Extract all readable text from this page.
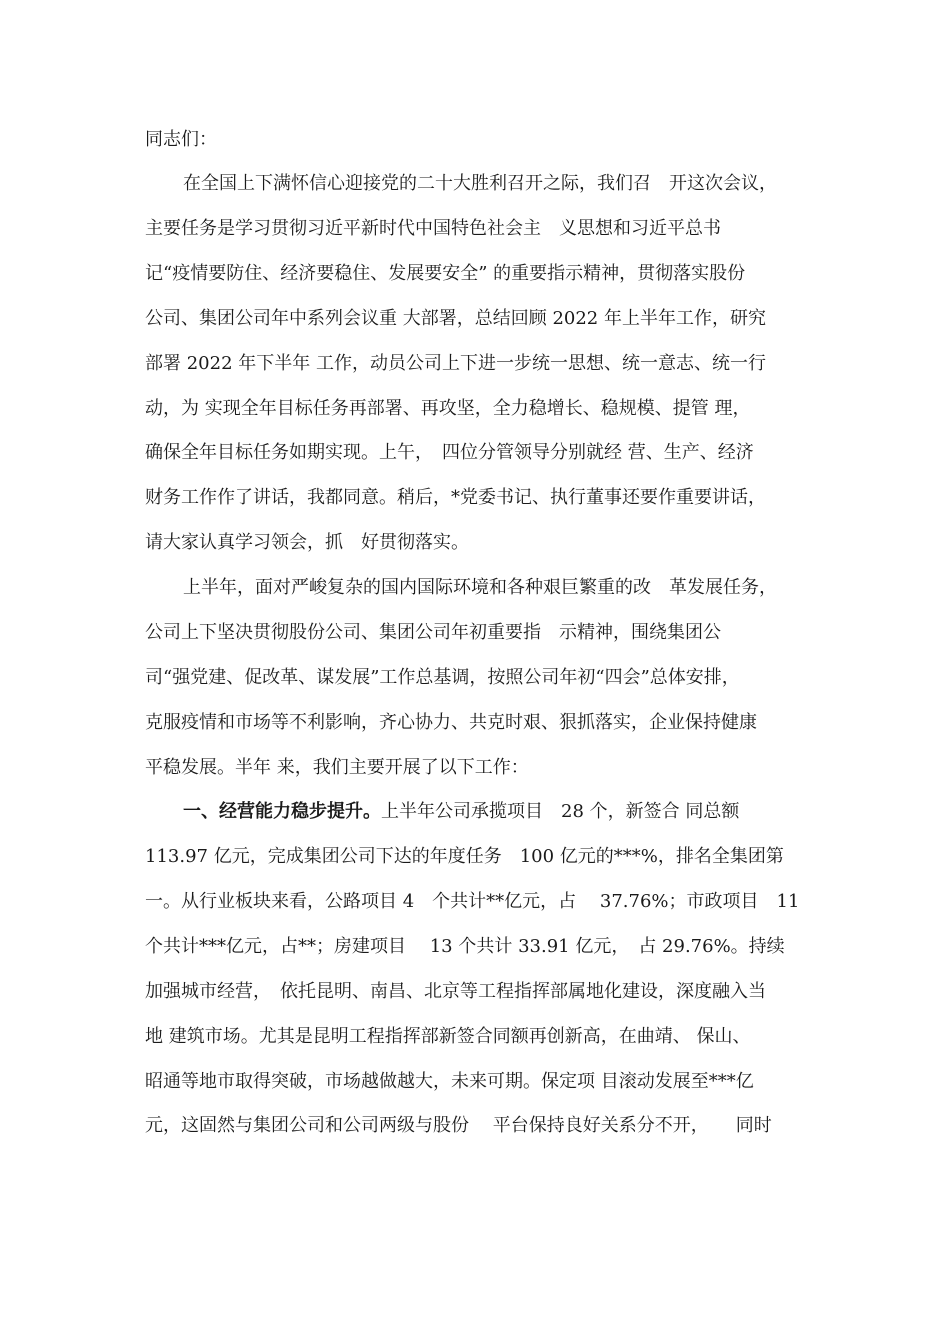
同志们：
在全国上下满怀信心迎接党的二十大胜利召开之际，我们召　开这次会议，
主要任务是学习贯彻习近平新时代中国特色社会主　义思想和习近平总书
记“疫情要防住、经济要稳住、发展要安全” 的重要指示精神，贯彻落实股份
公司、集团公司年中系列会议重 大部署，总结回顾 2022 年上半年工作，研究
部署 2022 年下半年 工作，动员公司上下进一步统一思想、统一意志、统一行
动，为 实现全年目标任务再部署、再攻坚，全力稳增长、稳规模、提管 理，
确保全年目标任务如期实现。上午，　四位分管领导分别就经 营、生产、经济
财务工作作了讲话，我都同意。稍后，*党委书记、执行董事还要作重要讲话，
请大家认真学习领会，抓　好贯彻落实。
上半年，面对严峻复杂的国内国际环境和各种艰巨繁重的改　革发展任务，
公司上下坚决贯彻股份公司、集团公司年初重要指　示精神，围绕集团公
司“强党建、促改革、谋发展”工作总基调，按照公司年初“四会”总体安排，
克服疫情和市场等不利影响，齐心协力、共克时艰、狠抓落实，企业保持健康
平稳发展。半年 来，我们主要开展了以下工作：
一、经营能力稳步提升。上半年公司承揽项目　28 个，新签合 同总额
113.97 亿元，完成集团公司下达的年度任务　100 亿元的***%，排名全集团第
一。从行业板块来看，公路项目 4　个共计**亿元，占　 37.76%；市政项目　11
个共计***亿元，占**；房建项目　 13 个共计 33.91 亿元，　占 29.76%。持续
加强城市经营，　依托昆明、南昌、北京等工程指挥部属地化建设，深度融入当
地 建筑市场。尤其是昆明工程指挥部新签合同额再创新高，在曲靖、 保山、
昭通等地市取得突破，市场越做越大，未来可期。保定项 目滚动发展至***亿
元，这固然与集团公司和公司两级与股份　 平台保持良好关系分不开，　　同时
